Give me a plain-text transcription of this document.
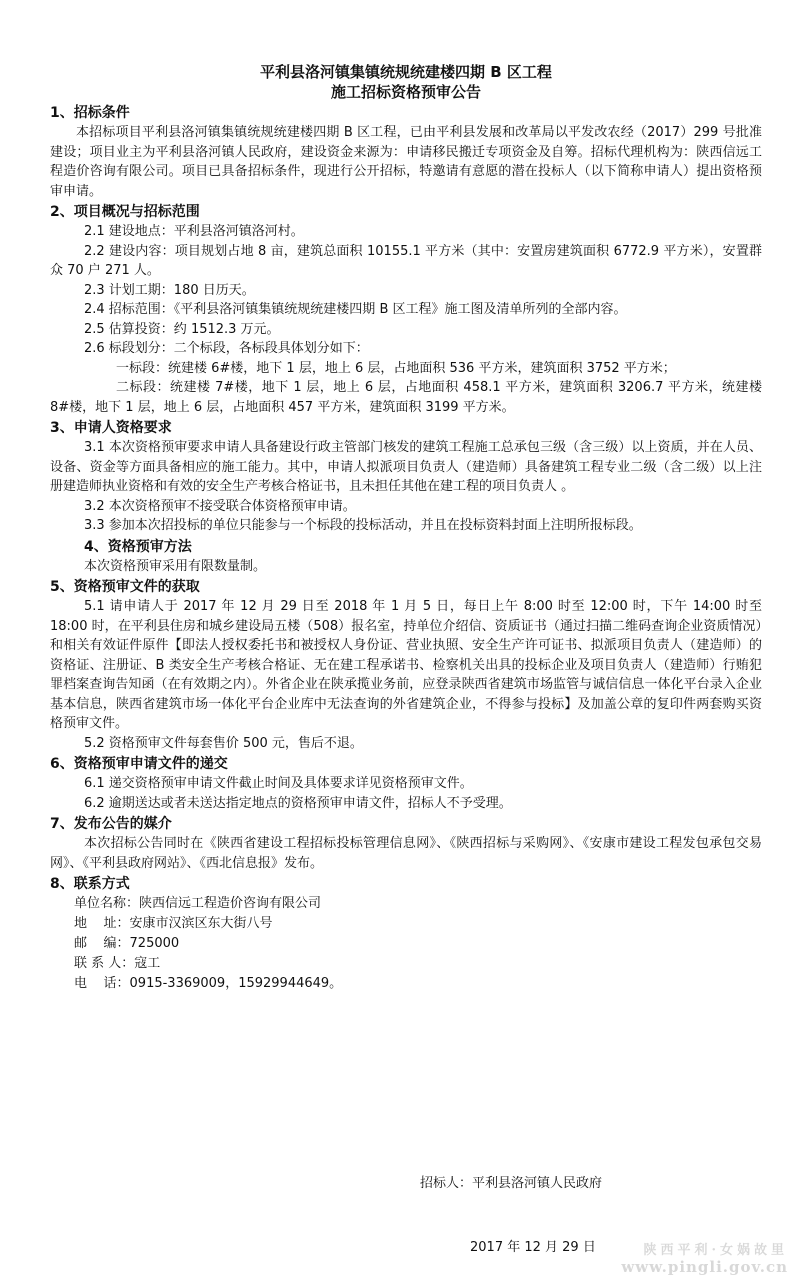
平利县洛河镇集镇统规统建楼四期 B 区工程

施工招标资格预审公告

1、招标条件

本招标项目平利县洛河镇集镇统规统建楼四期 B 区工程，已由平利县发展和改革局以平发改农经（2017）299 号批准建设；项目业主为平利县洛河镇人民政府，建设资金来源为：申请移民搬迁专项资金及自筹。招标代理机构为：陕西信远工程造价咨询有限公司。项目已具备招标条件，现进行公开招标，特邀请有意愿的潜在投标人（以下简称申请人）提出资格预审申请。

2、项目概况与招标范围

2.1 建设地点：平利县洛河镇洛河村。

2.2 建设内容：项目规划占地 8 亩，建筑总面积 10155.1 平方米（其中：安置房建筑面积 6772.9 平方米），安置群众 70 户 271 人。

2.3 计划工期：180 日历天。

2.4 招标范围：《平利县洛河镇集镇统规统建楼四期 B 区工程》施工图及清单所列的全部内容。

2.5 估算投资：约 1512.3 万元。

2.6 标段划分：二个标段，各标段具体划分如下：

一标段：统建楼 6#楼，地下 1 层，地上 6 层，占地面积 536 平方米，建筑面积 3752 平方米；

二标段：统建楼 7#楼，地下 1 层，地上 6 层，占地面积 458.1 平方米，建筑面积 3206.7 平方米，统建楼 8#楼，地下 1 层，地上 6 层，占地面积 457 平方米，建筑面积 3199 平方米。

3、申请人资格要求

3.1 本次资格预审要求申请人具备建设行政主管部门核发的建筑工程施工总承包三级（含三级）以上资质，并在人员、设备、资金等方面具备相应的施工能力。其中，申请人拟派项目负责人（建造师）具备建筑工程专业二级（含二级）以上注册建造师执业资格和有效的安全生产考核合格证书，且未担任其他在建工程的项目负责人 。

3.2 本次资格预审不接受联合体资格预审申请。

3.3 参加本次招投标的单位只能参与一个标段的投标活动，并且在投标资料封面上注明所报标段。

4、资格预审方法

本次资格预审采用有限数量制。

5、资格预审文件的获取

5.1 请申请人于 2017 年 12 月 29 日至 2018 年 1 月 5 日，每日上午 8:00 时至 12:00 时，下午 14:00 时至 18:00 时，在平利县住房和城乡建设局五楼（508）报名室，持单位介绍信、资质证书（通过扫描二维码查询企业资质情况）和相关有效证件原件【即法人授权委托书和被授权人身份证、营业执照、安全生产许可证书、拟派项目负责人（建造师）的资格证、注册证、B 类安全生产考核合格证、无在建工程承诺书、检察机关出具的投标企业及项目负责人（建造师）行贿犯罪档案查询告知函（在有效期之内）。外省企业在陕承揽业务前，应登录陕西省建筑市场监管与诚信信息一体化平台录入企业基本信息，陕西省建筑市场一体化平台企业库中无法查询的外省建筑企业，不得参与投标】及加盖公章的复印件两套购买资格预审文件。

5.2 资格预审文件每套售价 500 元，售后不退。

6、资格预审申请文件的递交

6.1 递交资格预审申请文件截止时间及具体要求详见资格预审文件。

6.2 逾期送达或者未送达指定地点的资格预审申请文件，招标人不予受理。

7、发布公告的媒介

本次招标公告同时在《陕西省建设工程招标投标管理信息网》、《陕西招标与采购网》、《安康市建设工程发包承包交易网》、《平利县政府网站》、《西北信息报》发布。

8、联系方式

单位名称：陕西信远工程造价咨询有限公司

地    址：安康市汉滨区东大街八号

邮    编：725000

联 系 人：寇工

电    话：0915-3369009，15929944649。

招标人：平利县洛河镇人民政府
2017 年 12 月 29 日	陕西平利·女娲故里
www.pingli.gov.cn
